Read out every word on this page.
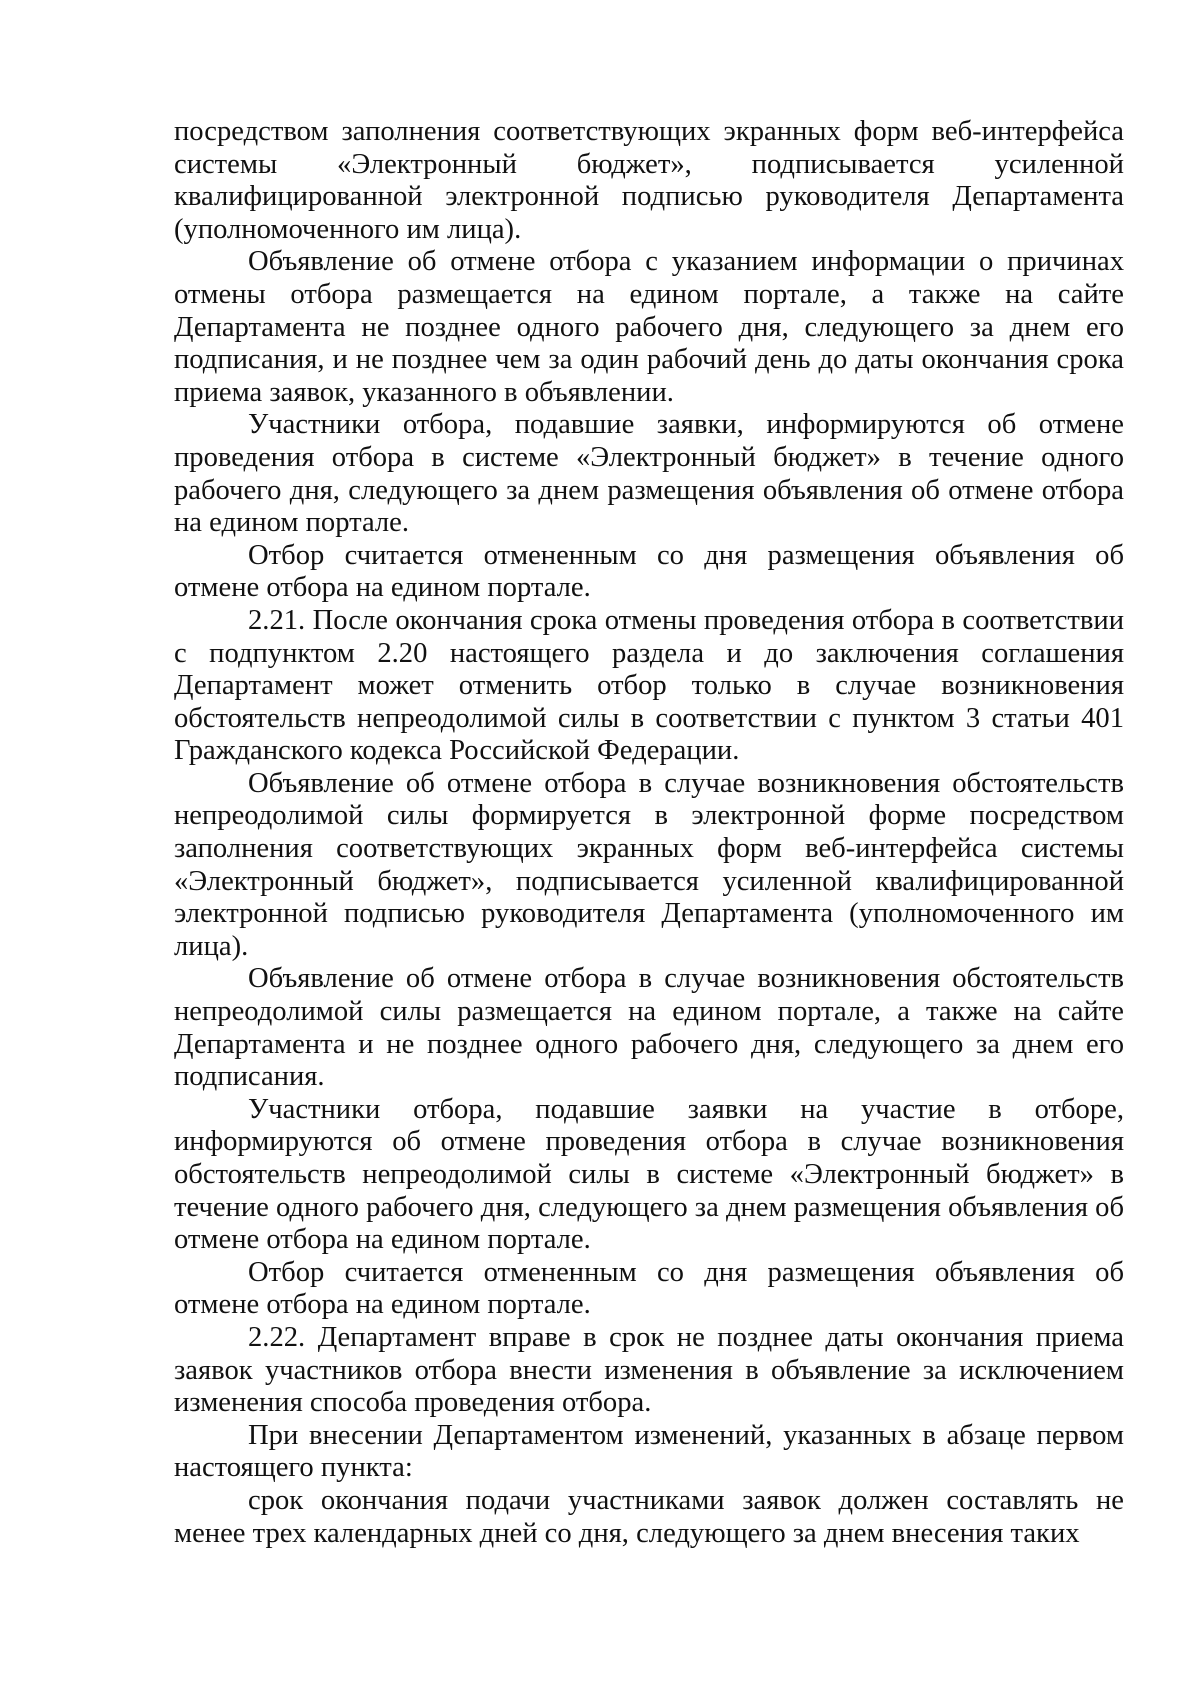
посредством заполнения соответствующих экранных форм веб-интерфейса системы «Электронный бюджет», подписывается усиленной квалифицированной электронной подписью руководителя Департамента (уполномоченного им лица).

Объявление об отмене отбора с указанием информации о причинах отмены отбора размещается на едином портале, а также на сайте Департамента не позднее одного рабочего дня, следующего за днем его подписания, и не позднее чем за один рабочий день до даты окончания срока приема заявок, указанного в объявлении.

Участники отбора, подавшие заявки, информируются об отмене проведения отбора в системе «Электронный бюджет» в течение одного рабочего дня, следующего за днем размещения объявления об отмене отбора на едином портале.

Отбор считается отмененным со дня размещения объявления об отмене отбора на едином портале.

2.21. После окончания срока отмены проведения отбора в соответствии с подпунктом 2.20 настоящего раздела и до заключения соглашения Департамент может отменить отбор только в случае возникновения обстоятельств непреодолимой силы в соответствии с пунктом 3 статьи 401 Гражданского кодекса Российской Федерации.

Объявление об отмене отбора в случае возникновения обстоятельств непреодолимой силы формируется в электронной форме посредством заполнения соответствующих экранных форм веб-интерфейса системы «Электронный бюджет», подписывается усиленной квалифицированной электронной подписью руководителя Департамента (уполномоченного им лица).

Объявление об отмене отбора в случае возникновения обстоятельств непреодолимой силы размещается на едином портале, а также на сайте Департамента и не позднее одного рабочего дня, следующего за днем его подписания.

Участники отбора, подавшие заявки на участие в отборе, информируются об отмене проведения отбора в случае возникновения обстоятельств непреодолимой силы в системе «Электронный бюджет» в течение одного рабочего дня, следующего за днем размещения объявления об отмене отбора на едином портале.

Отбор считается отмененным со дня размещения объявления об отмене отбора на едином портале.

2.22. Департамент вправе в срок не позднее даты окончания приема заявок участников отбора внести изменения в объявление за исключением изменения способа проведения отбора.

При внесении Департаментом изменений, указанных в абзаце первом настоящего пункта:

срок окончания подачи участниками заявок должен составлять не менее трех календарных дней со дня, следующего за днем внесения таких
